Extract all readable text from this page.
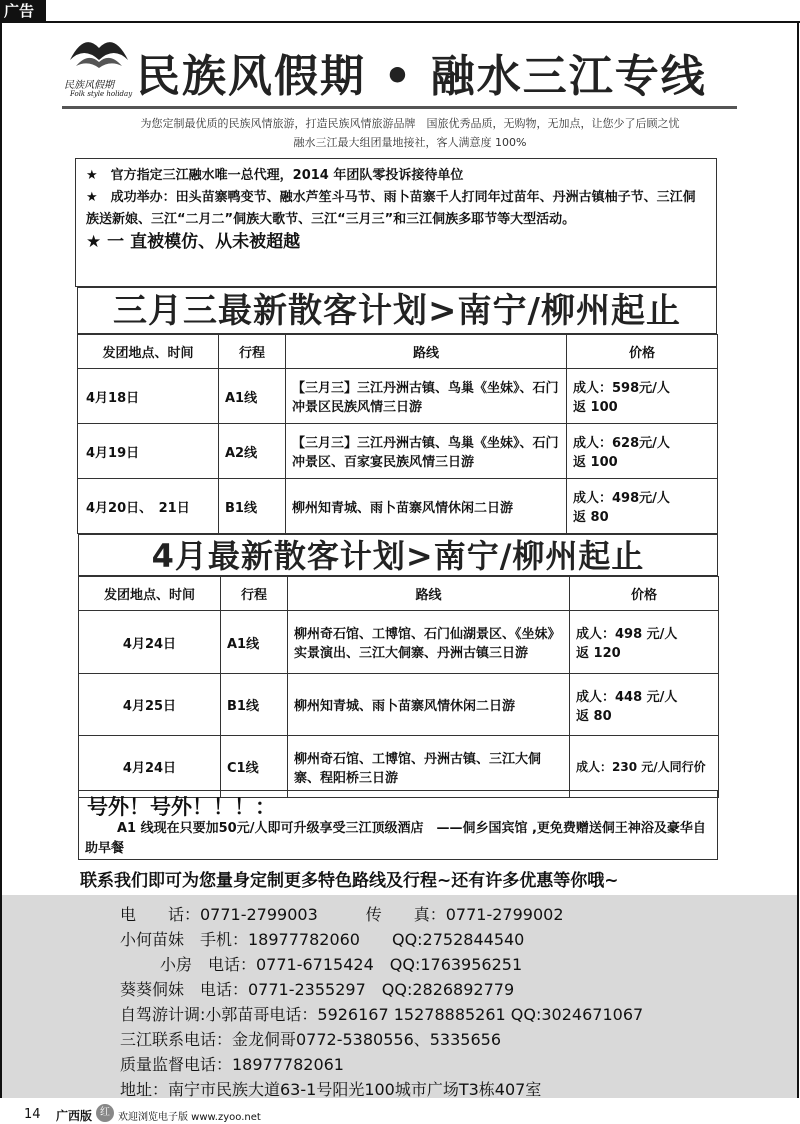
广告
民族风假期
Folk style holiday 民族风假期 • 融水三江专线
为您定制最优质的民族风情旅游，打造民族风情旅游品牌　国旅优秀品质，无购物，无加点，让您少了后顾之忧
融水三江最大组团量地接社，客人满意度 100%
★　官方指定三江融水唯一总代理，2014 年团队零投诉接待单位
★　成功举办：田头苗寨鸭变节、融水芦笙斗马节、雨卜苗寨千人打同年过苗年、丹洲古镇柚子节、三江侗族送新娘、三江“二月二”侗族大歌节、三江“三月三”和三江侗族多耶节等大型活动。
★ 一 直被模仿、从未被超越
三月三最新散客计划>南宁/柳州起止
发团地点、时间	行程	路线	价格
4月18日	A1线	【三月三】三江丹洲古镇、鸟巢《坐妹》、石门冲景区民族风情三日游	成人：598元/人
返 100

4月19日	A2线	【三月三】三江丹洲古镇、鸟巢《坐妹》、石门冲景区、百家宴民族风情三日游	成人：628元/人
返 100

4月20日、　21日	B1线	柳州知青城、雨卜苗寨风情休闲二日游	成人：498元/人
返 80
4月最新散客计划>南宁/柳州起止
发团地点、时间	行程	路线	价格
4月24日	A1线	柳州奇石馆、工博馆、石门仙湖景区、《坐妹》实景演出、三江大侗寨、丹洲古镇三日游	成人：498 元/人
返 120

4月25日	B1线	柳州知青城、雨卜苗寨风情休闲二日游	成人：448 元/人
返 80

4月24日	C1线	柳州奇石馆、工博馆、丹洲古镇、三江大侗寨、程阳桥三日游	成人：230 元/人同行价
号外！号外！！！：
A1 线现在只要加50元/人即可升级享受三江顶级酒店　——侗乡国宾馆 ,更免费赠送侗王神浴及豪华自助早餐
联系我们即可为您量身定制更多特色路线及行程~还有许多优惠等你哦~
电　　话：0771-2799003　　　传　　真：0771-2799002
小何苗妹　手机：18977782060　　QQ:2752844540
小房　电话：0771-6715424　QQ:1763956251
葵葵侗妹　电话：0771-2355297　QQ:2826892779
自驾游计调:小郭苗哥电话：5926167 15278885261 QQ:3024671067
三江联系电话：金龙侗哥0772-5380556、5335656
质量监督电话：18977782061
地址：南宁市民族大道63-1号阳光100城市广场T3栋407室
14 广西版 红 欢迎浏览电子版 www.zyoo.net
